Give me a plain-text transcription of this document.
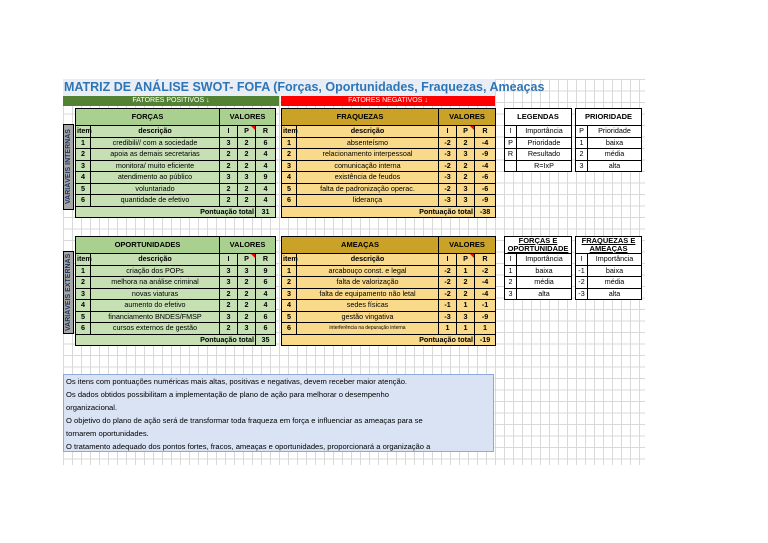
MATRIZ DE ANÁLISE SWOT- FOFA (Forças, Oportunidades, Fraquezas, Ameaças
FATORES POSITIVOS ↓	FATORES NEGATIVOS ↓
VARIÁVEIS INTERNAS
VARIÁVEIS EXTERNAS
FORÇAS		VALORES		
item	descrição	I	P	R
1	credibili// com a sociedade	3	2	6
2	apoia as demais secretarias	2	2	4
3	monitora/ muito eficiente	2	2	4
4	atendimento ao público	3	3	9
5	voluntariado	2	2	4
6	quantidade de efetivo	2	2	4
Pontuação total				31
FRAQUEZAS		VALORES		
item	descrição	I	P	R
1	absenteísmo	-2	2	-4
2	relacionamento interpessoal	-3	3	-9
3	comunicação interna	-2	2	-4
4	existência de feudos	-3	2	-6
5	falta de padronização operac.	-2	3	-6
6	liderança	-3	3	-9
Pontuação total				-38
OPORTUNIDADES		VALORES		
item	descrição	I	P	R
1	criação dos POPs	3	3	9
2	melhora na análise criminal	3	2	6
3	novas viaturas	2	2	4
4	aumento do efetivo	2	2	4
5	financiamento BNDES/FMSP	3	2	6
6	cursos externos de gestão	2	3	6
Pontuação total				35
AMEAÇAS		VALORES		
item	descrição	I	P	R
1	arcabouço const. e legal	-2	1	-2
2	falta de valorização	-2	2	-4
3	falta de equipamento não letal	-2	2	-4
4	sedes físicas	-1	1	-1
5	gestão vingativa	-3	3	-9
6	interferência na depuração interna	1	1	1
Pontuação total				-19
LEGENDAS	
I	Importância
P	Prioridade
R	Resultado
	R=IxP
PRIORIDADE	
P	Prioridade
1	baixa
2	média
3	alta
FORÇAS E OPORTUNIDADE	
I	Importância
1	baixa
2	média
3	alta
FRAQUEZAS E AMEAÇAS	
I	Importância
-1	baixa
-2	média
-3	alta
Os itens com pontuações numéricas mais altas, positivas e negativas, devem receber maior atenção.
Os dados obtidos possibilitam a implementação de plano de ação para melhorar o desempenho
organizacional.
O objetivo do plano de ação será de transformar toda fraqueza em força e influenciar as ameaças para se
tornarem oportunidades.
O tratamento adequado dos pontos fortes, fracos, ameaças e oportunidades, proporcionará a organização a
